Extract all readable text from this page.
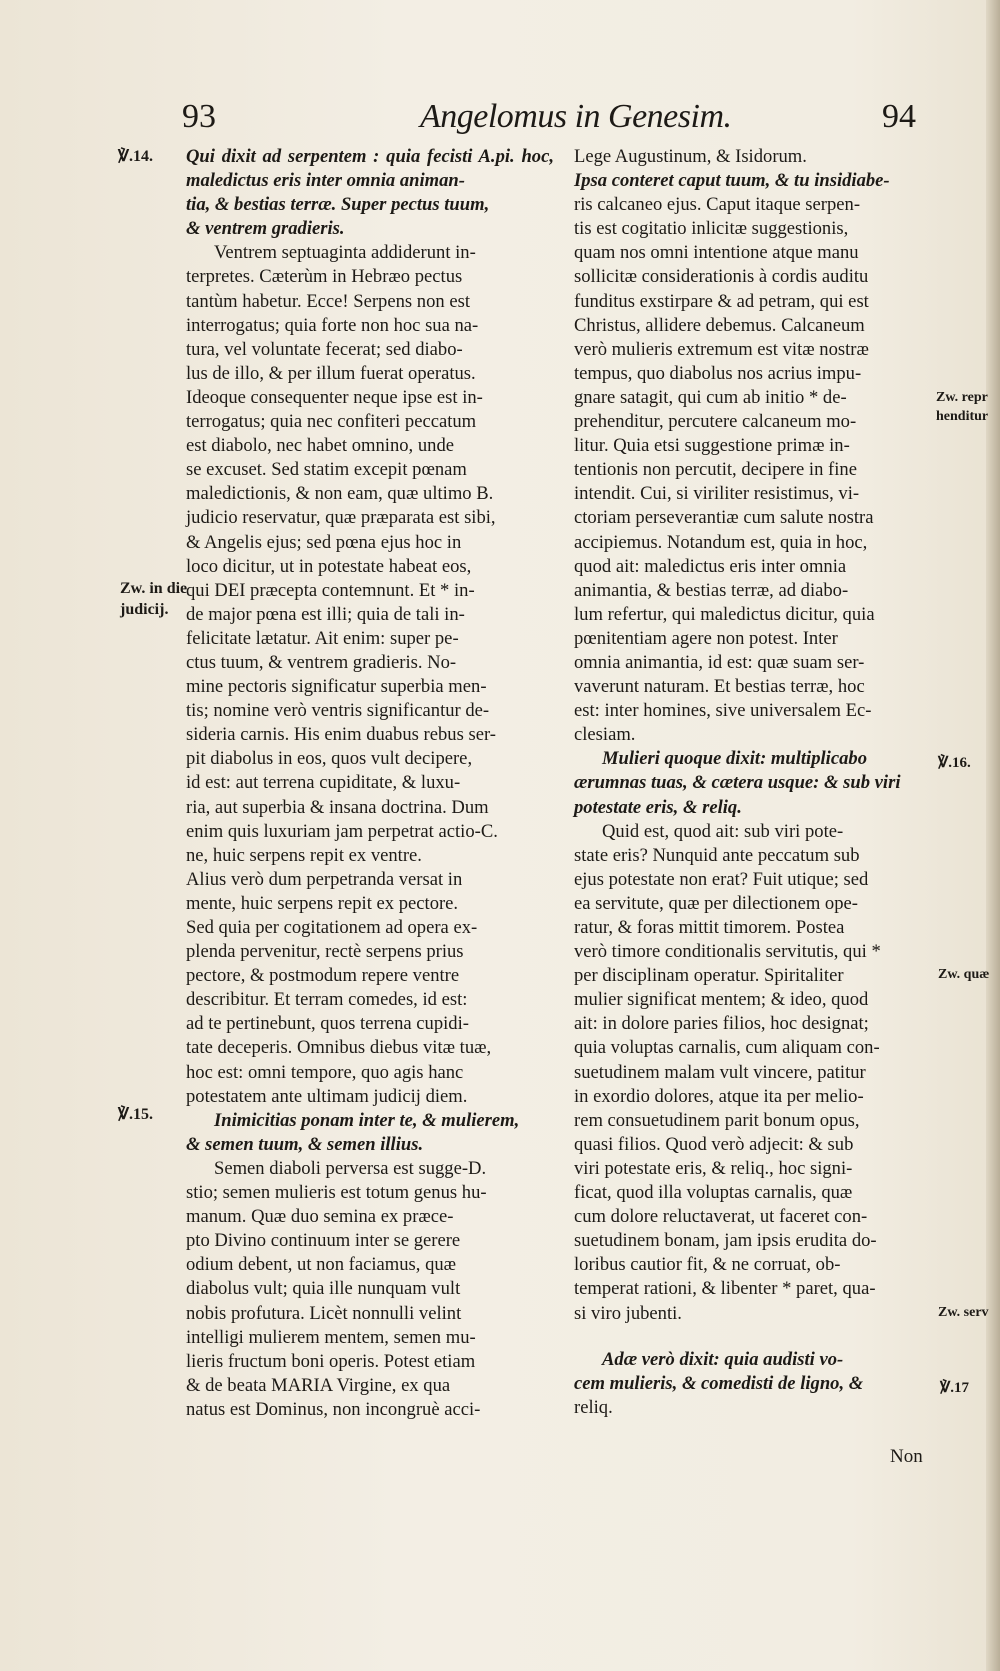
93	Angelomus in Genesim.	94
℣.14.
Zw. in die
judicij.
℣.15.
Zw. repr
henditur
℣.16.
Zw. quæ
Zw. serv
℣.17

Qui dixit ad serpentem : quia fecisti A.pi. hoc, maledictus eris inter omnia animan-

tia, & bestias terræ. Super pectus tuum,

& ventrem gradieris.

Ventrem septuaginta addiderunt in-

terpretes. Cæterùm in Hebræo pectus

tantùm habetur. Ecce! Serpens non est

interrogatus; quia forte non hoc sua na-

tura, vel voluntate fecerat; sed diabo-

lus de illo, & per illum fuerat operatus.

Ideoque consequenter neque ipse est in-

terrogatus; quia nec confiteri peccatum

est diabolo, nec habet omnino, unde

se excuset. Sed statim excepit pœnam

maledictionis, & non eam, quæ ultimo B.

judicio reservatur, quæ præparata est sibi,

& Angelis ejus; sed pœna ejus hoc in

loco dicitur, ut in potestate habeat eos,

qui DEI præcepta contemnunt. Et * in-

de major pœna est illi; quia de tali in-

felicitate lætatur. Ait enim: super pe-

ctus tuum, & ventrem gradieris. No-

mine pectoris significatur superbia men-

tis; nomine verò ventris significantur de-

sideria carnis. His enim duabus rebus ser-

pit diabolus in eos, quos vult decipere,

id est: aut terrena cupiditate, & luxu-

ria, aut superbia & insana doctrina. Dum

enim quis luxuriam jam perpetrat actio-C.

ne, huic serpens repit ex ventre.

Alius verò dum perpetranda versat in

mente, huic serpens repit ex pectore.

Sed quia per cogitationem ad opera ex-

plenda pervenitur, rectè serpens prius

pectore, & postmodum repere ventre

describitur. Et terram comedes, id est:

ad te pertinebunt, quos terrena cupidi-

tate deceperis. Omnibus diebus vitæ tuæ,

hoc est: omni tempore, quo agis hanc

potestatem ante ultimam judicij diem.

Inimicitias ponam inter te, & mulierem,

& semen tuum, & semen illius.

Semen diaboli perversa est sugge-D.

stio; semen mulieris est totum genus hu-

manum. Quæ duo semina ex præce-

pto Divino continuum inter se gerere

odium debent, ut non faciamus, quæ

diabolus vult; quia ille nunquam vult

nobis profutura. Licèt nonnulli velint

intelligi mulierem mentem, semen mu-

lieris fructum boni operis. Potest etiam

& de beata MARIA Virgine, ex qua

natus est Dominus, non incongruè acci-

Lege Augustinum, & Isidorum.

Ipsa conteret caput tuum, & tu insidiabe-

ris calcaneo ejus. Caput itaque serpen-

tis est cogitatio inlicitæ suggestionis,

quam nos omni intentione atque manu

sollicitæ considerationis à cordis auditu

funditus exstirpare & ad petram, qui est

Christus, allidere debemus. Calcaneum

verò mulieris extremum est vitæ nostræ

tempus, quo diabolus nos acrius impu-

gnare satagit, qui cum ab initio * de-

prehenditur, percutere calcaneum mo-

litur. Quia etsi suggestione primæ in-

tentionis non percutit, decipere in fine

intendit. Cui, si viriliter resistimus, vi-

ctoriam perseverantiæ cum salute nostra

accipiemus. Notandum est, quia in hoc,

quod ait: maledictus eris inter omnia

animantia, & bestias terræ, ad diabo-

lum refertur, qui maledictus dicitur, quia

pœnitentiam agere non potest. Inter

omnia animantia, id est: quæ suam ser-

vaverunt naturam. Et bestias terræ, hoc

est: inter homines, sive universalem Ec-

clesiam.

Mulieri quoque dixit: multiplicabo

ærumnas tuas, & cætera usque: & sub viri

potestate eris, & reliq.

Quid est, quod ait: sub viri pote-

state eris? Nunquid ante peccatum sub

ejus potestate non erat? Fuit utique; sed

ea servitute, quæ per dilectionem ope-

ratur, & foras mittit timorem. Postea

verò timore conditionalis servitutis, qui *

per disciplinam operatur. Spiritaliter

mulier significat mentem; & ideo, quod

ait: in dolore paries filios, hoc designat;

quia voluptas carnalis, cum aliquam con-

suetudinem malam vult vincere, patitur

in exordio dolores, atque ita per melio-

rem consuetudinem parit bonum opus,

quasi filios. Quod verò adjecit: & sub

viri potestate eris, & reliq., hoc signi-

ficat, quod illa voluptas carnalis, quæ

cum dolore reluctaverat, ut faceret con-

suetudinem bonam, jam ipsis erudita do-

loribus cautior fit, & ne corruat, ob-

temperat rationi, & libenter * paret, qua-

si viro jubenti.

Adæ verò dixit: quia audisti vo-

cem mulieris, & comedisti de ligno, &

reliq.

Non
